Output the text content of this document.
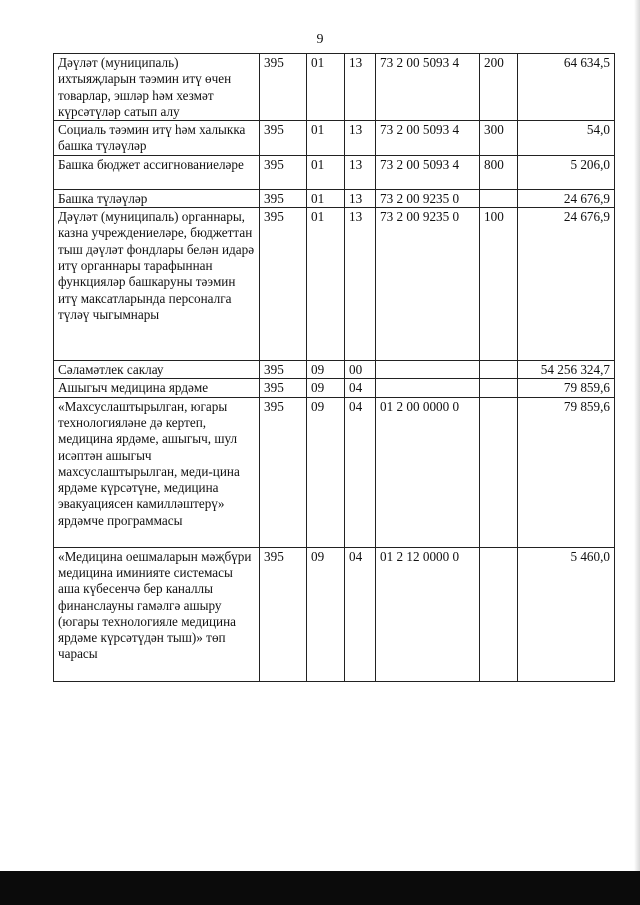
9
Дәүләт (муниципаль) ихтыяҗларын тәэмин итү өчен товарлар, эшләр һәм хезмәт күрсәтүләр сатып алу	395	01	13	73 2 00 5093 4	200	64 634,5
Социаль тәэмин итү һәм халыкка башка түләүләр	395	01	13	73 2 00 5093 4	300	54,0
Башка бюджет ассигнованиеләре	395	01	13	73 2 00 5093 4	800	5 206,0
Башка түләүләр	395	01	13	73 2 00 9235 0		24 676,9
Дәүләт (муниципаль) органнары, казна учреждениеләре, бюджеттан тыш дәүләт фондлары белән идарә итү органнары тарафыннан функцияләр башкаруны тәэмин итү максатларында персоналга түләү чыгымнары	395	01	13	73 2 00 9235 0	100	24 676,9
Сәламәтлек саклау	395	09	00			54 256 324,7
Ашыгыч медицина ярдәме	395	09	04			79 859,6
«Махсуслаштырылган, югары технологияләне дә кертеп, медицина ярдәме, ашыгыч, шул исәптән ашыгыч махсуслаштырылган, меди-цина ярдәме күрсәтүне, медицина эвакуациясен камилләштерү» ярдәмче программасы	395	09	04	01 2 00 0000 0		79 859,6
«Медицина оешмаларын мәҗбүри медицина иминияте системасы аша күбесенчә бер каналлы финанслауны гамәлгә ашыру (югары технологияле медицина ярдәме күрсәтүдән тыш)» төп чарасы	395	09	04	01 2 12 0000 0		5 460,0
